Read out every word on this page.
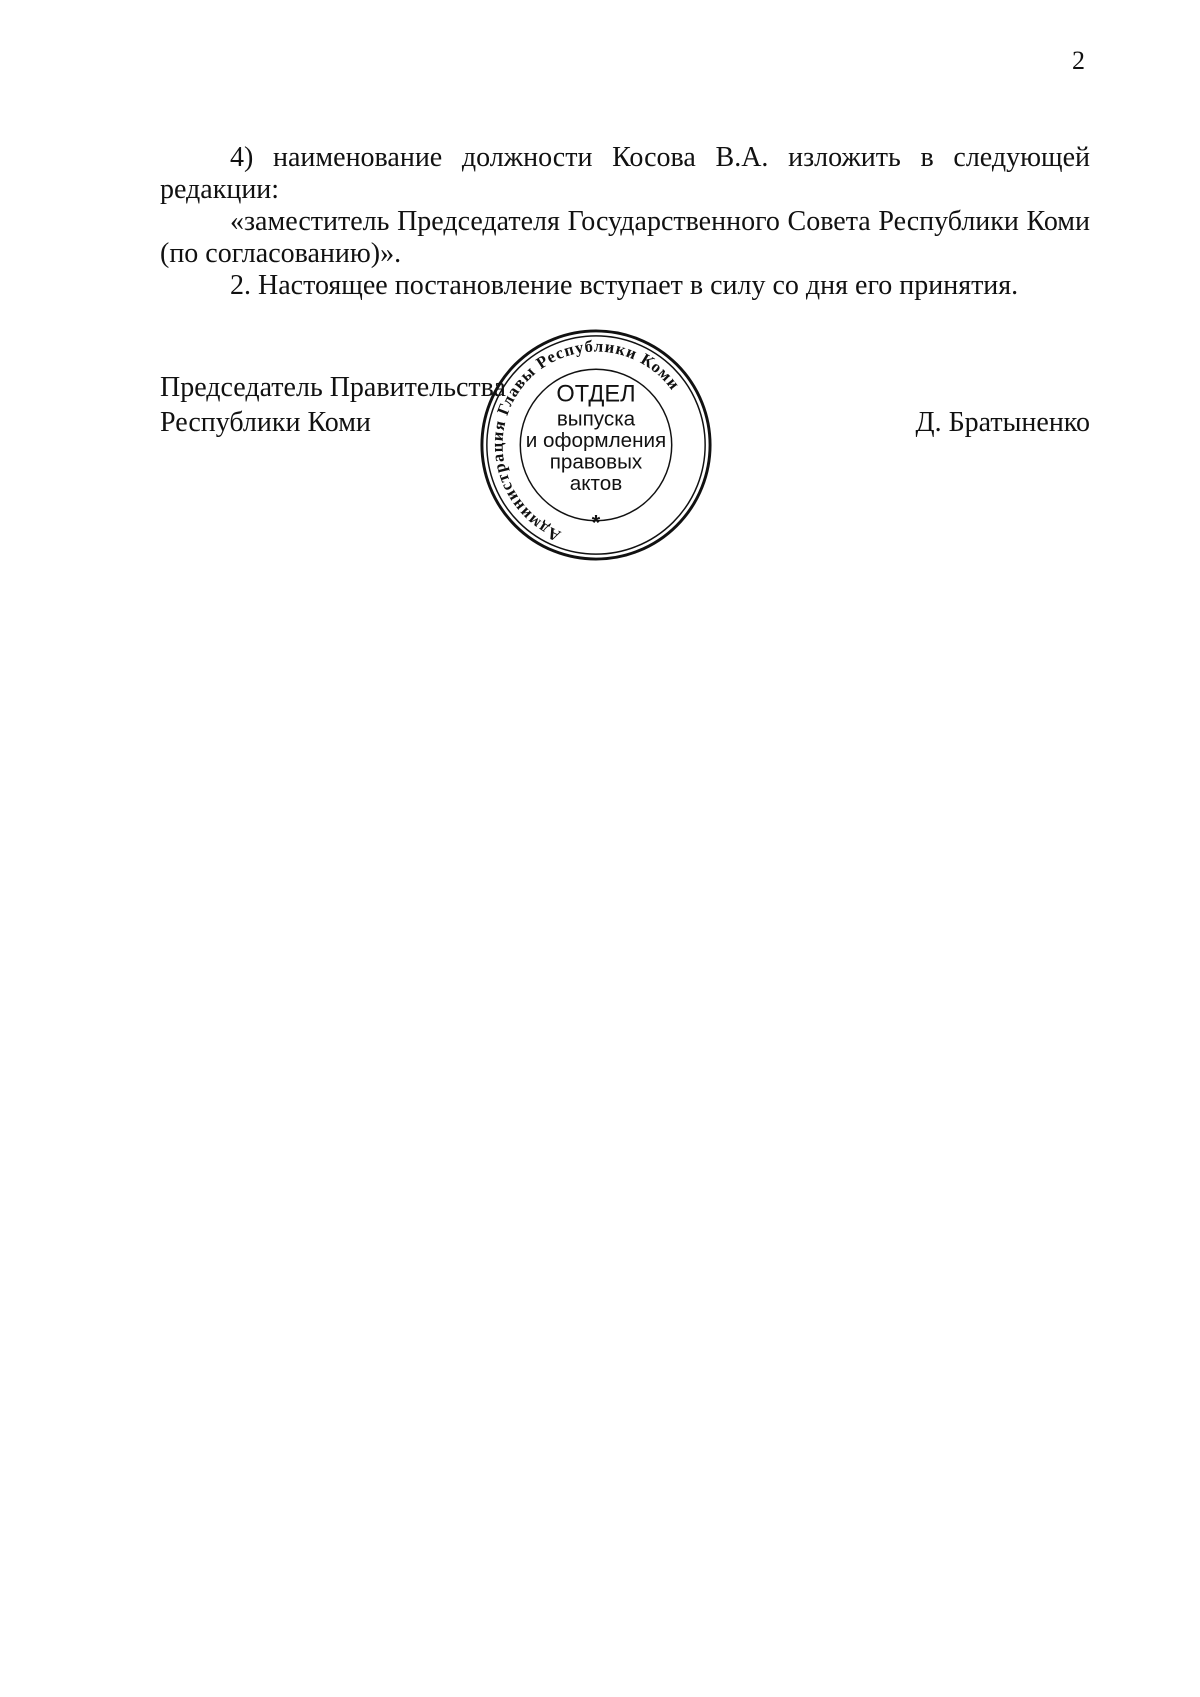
2

4) наименование должности Косова В.А. изложить в следующей редакции:

«заместитель Председателя Государственного Совета Республики Коми (по согласованию)».

2. Настоящее постановление вступает в силу со дня его принятия.

Председатель Правительства
Республики Коми	Д. Братыненко
Администрация Главы Республики Коми
ОТДЕЛ
выпуска
и оформления
правовых
актов
*
